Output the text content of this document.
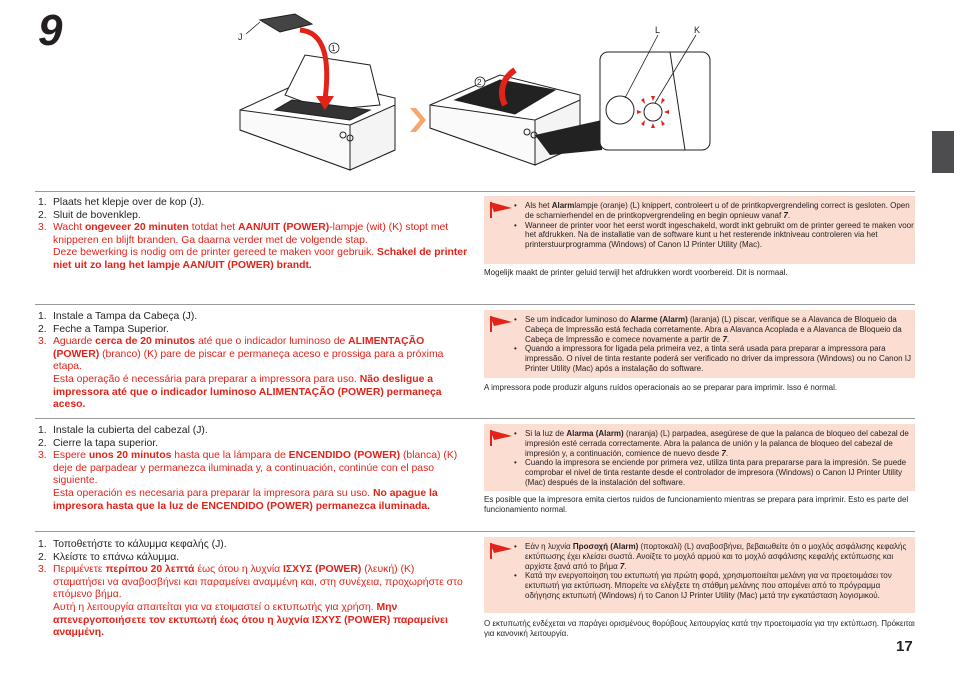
9	J
1
2
L	K
1. Plaats het klepje over de kop (J).
2. Sluit de bovenklep.
3. Wacht ongeveer 20 minuten totdat het AAN/UIT (POWER)-lampje (wit) (K) stopt met knipperen en blijft branden. Ga daarna verder met de volgende stap.
Deze bewerking is nodig om de printer gereed te maken voor gebruik. Schakel de printer niet uit zo lang het lampje AAN/UIT (POWER) brandt.
• Als het Alarmlampje (oranje) (L) knippert, controleert u of de printkopvergrendeling correct is gesloten. Open de scharnierhendel en de printkopvergrendeling en begin opnieuw vanaf 7.
• Wanneer de printer voor het eerst wordt ingeschakeld, wordt inkt gebruikt om de printer gereed te maken voor het afdrukken. Na de installatie van de software kunt u het resterende inktniveau controleren via het printerstuurprogramma (Windows) of Canon IJ Printer Utility (Mac).
Mogelijk maakt de printer geluid terwijl het afdrukken wordt voorbereid. Dit is normaal.
1. Instale a Tampa da Cabeça (J).
2. Feche a Tampa Superior.
3. Aguarde cerca de 20 minutos até que o indicador luminoso de ALIMENTAÇÃO (POWER) (branco) (K) pare de piscar e permaneça aceso e prossiga para a próxima etapa.
Esta operação é necessária para preparar a impressora para uso. Não desligue a impressora até que o indicador luminoso ALIMENTAÇÃO (POWER) permaneça aceso.
• Se um indicador luminoso do Alarme (Alarm) (laranja) (L) piscar, verifique se a Alavanca de Bloqueio da Cabeça de Impressão está fechada corretamente. Abra a Alavanca Acoplada e a Alavanca de Bloqueio da Cabeça de Impressão e comece novamente a partir de 7.
• Quando a impressora for ligada pela primeira vez, a tinta será usada para preparar a impressora para impressão. O nível de tinta restante poderá ser verificado no driver da impressora (Windows) ou no Canon IJ Printer Utility (Mac) após a instalação do software.
A impressora pode produzir alguns ruídos operacionais ao se preparar para imprimir. Isso é normal.
1. Instale la cubierta del cabezal (J).
2. Cierre la tapa superior.
3. Espere unos 20 minutos hasta que la lámpara de ENCENDIDO (POWER) (blanca) (K) deje de parpadear y permanezca iluminada y, a continuación, continúe con el paso siguiente.
Esta operación es necesaria para preparar la impresora para su uso. No apague la impresora hasta que la luz de ENCENDIDO (POWER) permanezca iluminada.
• Si la luz de Alarma (Alarm) (naranja) (L) parpadea, asegúrese de que la palanca de bloqueo del cabezal de impresión esté cerrada correctamente. Abra la palanca de unión y la palanca de bloqueo del cabezal de impresión y, a continuación, comience de nuevo desde 7.
• Cuando la impresora se enciende por primera vez, utiliza tinta para prepararse para la impresión. Se puede comprobar el nivel de tinta restante desde el controlador de impresora (Windows) o Canon IJ Printer Utility (Mac) después de la instalación del software.
Es posible que la impresora emita ciertos ruidos de funcionamiento mientras se prepara para imprimir. Esto es parte del funcionamiento normal.
1. Τοποθετήστε το κάλυμμα κεφαλής (J).
2. Κλείστε το επάνω κάλυμμα.
3. Περιμένετε περίπου 20 λεπτά έως ότου η λυχνία ΙΣΧΥΣ (POWER) (λευκή) (K) σταματήσει να αναβοσβήνει και παραμείνει αναμμένη και, στη συνέχεια, προχωρήστε στο επόμενο βήμα.
Αυτή η λειτουργία απαιτείται για να ετοιμαστεί ο εκτυπωτής για χρήση. Μην απενεργοποιήσετε τον εκτυπωτή έως ότου η λυχνία ΙΣΧΥΣ (POWER) παραμείνει αναμμένη.
• Εάν η λυχνία Προσοχή (Alarm) (πορτοκαλί) (L) αναβοσβήνει, βεβαιωθείτε ότι ο μοχλός ασφάλισης κεφαλής εκτύπωσης έχει κλείσει σωστά. Ανοίξτε το μοχλό αρμού και το μοχλό ασφάλισης κεφαλής εκτύπωσης και αρχίστε ξανά από το βήμα 7.
• Κατά την ενεργοποίηση του εκτυπωτή για πρώτη φορά, χρησιμοποιείται μελάνη για να προετοιμάσει τον εκτυπωτή για εκτύπωση. Μπορείτε να ελέγξετε τη στάθμη μελάνης που απομένει από το πρόγραμμα οδήγησης εκτυπωτή (Windows) ή το Canon IJ Printer Utility (Mac) μετά την εγκατάσταση λογισμικού.
Ο εκτυπωτής ενδέχεται να παράγει ορισμένους θορύβους λειτουργίας κατά την προετοιμασία για την εκτύπωση. Πρόκειται για κανονική λειτουργία.
17
